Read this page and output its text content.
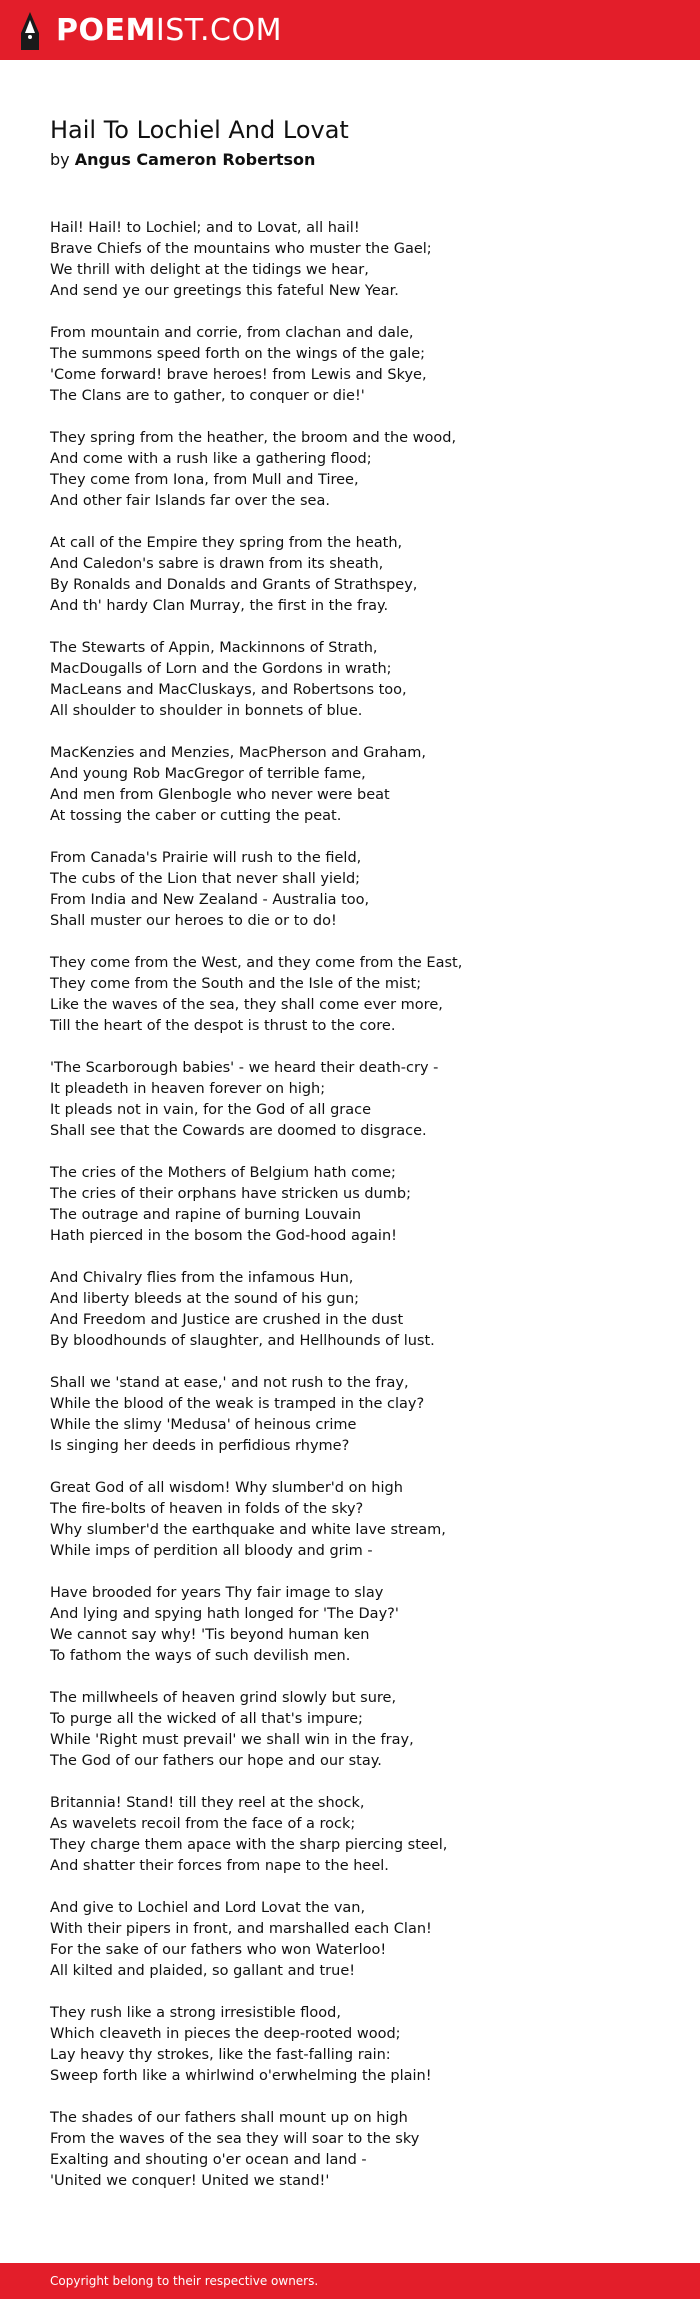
POEMIST.COM
Hail To Lochiel And Lovat
by Angus Cameron Robertson
Hail! Hail! to Lochiel; and to Lovat, all hail!
Brave Chiefs of the mountains who muster the Gael;
We thrill with delight at the tidings we hear,
And send ye our greetings this fateful New Year.
From mountain and corrie, from clachan and dale,
The summons speed forth on the wings of the gale;
'Come forward! brave heroes! from Lewis and Skye,
The Clans are to gather, to conquer or die!'
They spring from the heather, the broom and the wood,
And come with a rush like a gathering flood;
They come from Iona, from Mull and Tiree,
And other fair Islands far over the sea.
At call of the Empire they spring from the heath,
And Caledon's sabre is drawn from its sheath,
By Ronalds and Donalds and Grants of Strathspey,
And th' hardy Clan Murray, the first in the fray.
The Stewarts of Appin, Mackinnons of Strath,
MacDougalls of Lorn and the Gordons in wrath;
MacLeans and MacCluskays, and Robertsons too,
All shoulder to shoulder in bonnets of blue.
MacKenzies and Menzies, MacPherson and Graham,
And young Rob MacGregor of terrible fame,
And men from Glenbogle who never were beat
At tossing the caber or cutting the peat.
From Canada's Prairie will rush to the field,
The cubs of the Lion that never shall yield;
From India and New Zealand - Australia too,
Shall muster our heroes to die or to do!
They come from the West, and they come from the East,
They come from the South and the Isle of the mist;
Like the waves of the sea, they shall come ever more,
Till the heart of the despot is thrust to the core.
'The Scarborough babies' - we heard their death-cry -
It pleadeth in heaven forever on high;
It pleads not in vain, for the God of all grace
Shall see that the Cowards are doomed to disgrace.
The cries of the Mothers of Belgium hath come;
The cries of their orphans have stricken us dumb;
The outrage and rapine of burning Louvain
Hath pierced in the bosom the God-hood again!
And Chivalry flies from the infamous Hun,
And liberty bleeds at the sound of his gun;
And Freedom and Justice are crushed in the dust
By bloodhounds of slaughter, and Hellhounds of lust.
Shall we 'stand at ease,' and not rush to the fray,
While the blood of the weak is tramped in the clay?
While the slimy 'Medusa' of heinous crime
Is singing her deeds in perfidious rhyme?
Great God of all wisdom! Why slumber'd on high
The fire-bolts of heaven in folds of the sky?
Why slumber'd the earthquake and white lave stream,
While imps of perdition all bloody and grim -
Have brooded for years Thy fair image to slay
And lying and spying hath longed for 'The Day?'
We cannot say why! 'Tis beyond human ken
To fathom the ways of such devilish men.
The millwheels of heaven grind slowly but sure,
To purge all the wicked of all that's impure;
While 'Right must prevail' we shall win in the fray,
The God of our fathers our hope and our stay.
Britannia! Stand! till they reel at the shock,
As wavelets recoil from the face of a rock;
They charge them apace with the sharp piercing steel,
And shatter their forces from nape to the heel.
And give to Lochiel and Lord Lovat the van,
With their pipers in front, and marshalled each Clan!
For the sake of our fathers who won Waterloo!
All kilted and plaided, so gallant and true!
They rush like a strong irresistible flood,
Which cleaveth in pieces the deep-rooted wood;
Lay heavy thy strokes, like the fast-falling rain:
Sweep forth like a whirlwind o'erwhelming the plain!
The shades of our fathers shall mount up on high
From the waves of the sea they will soar to the sky
Exalting and shouting o'er ocean and land -
'United we conquer! United we stand!'
Copyright belong to their respective owners.
